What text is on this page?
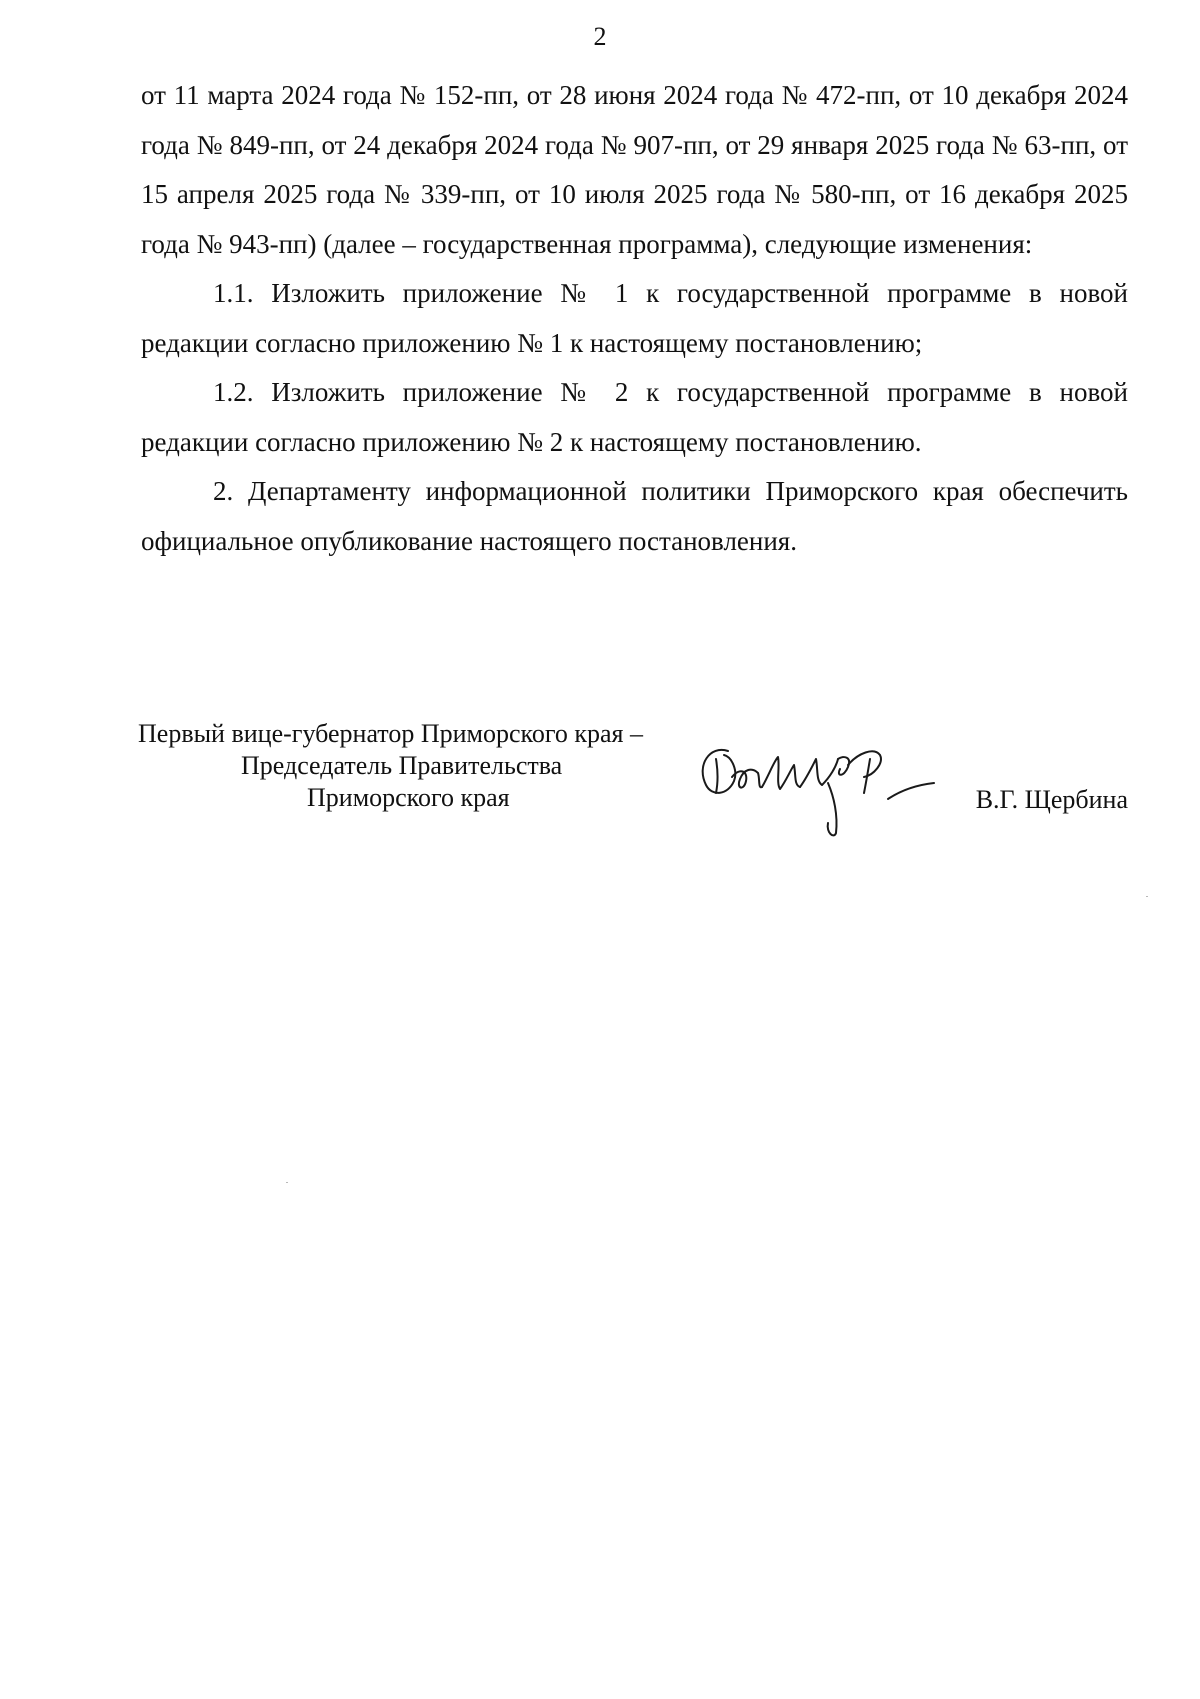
2

от 11 марта 2024 года № 152-пп, от 28 июня 2024 года № 472-пп, от 10 декабря 2024 года № 849-пп, от 24 декабря 2024 года № 907-пп, от 29 января 2025 года № 63-пп, от 15 апреля 2025 года № 339-пп, от 10 июля 2025 года № 580-пп, от 16 декабря 2025 года № 943-пп) (далее – государственная программа), следующие изменения:

1.1. Изложить приложение № 1 к государственной программе в новой редакции согласно приложению № 1 к настоящему постановлению;

1.2. Изложить приложение № 2 к государственной программе в новой редакции согласно приложению № 2 к настоящему постановлению.

2. Департаменту информационной политики Приморского края обеспечить официальное опубликование настоящего постановления.

Первый вице-губернатор Приморского края –
Председатель Правительства
Приморского края	В.Г. Щербина
